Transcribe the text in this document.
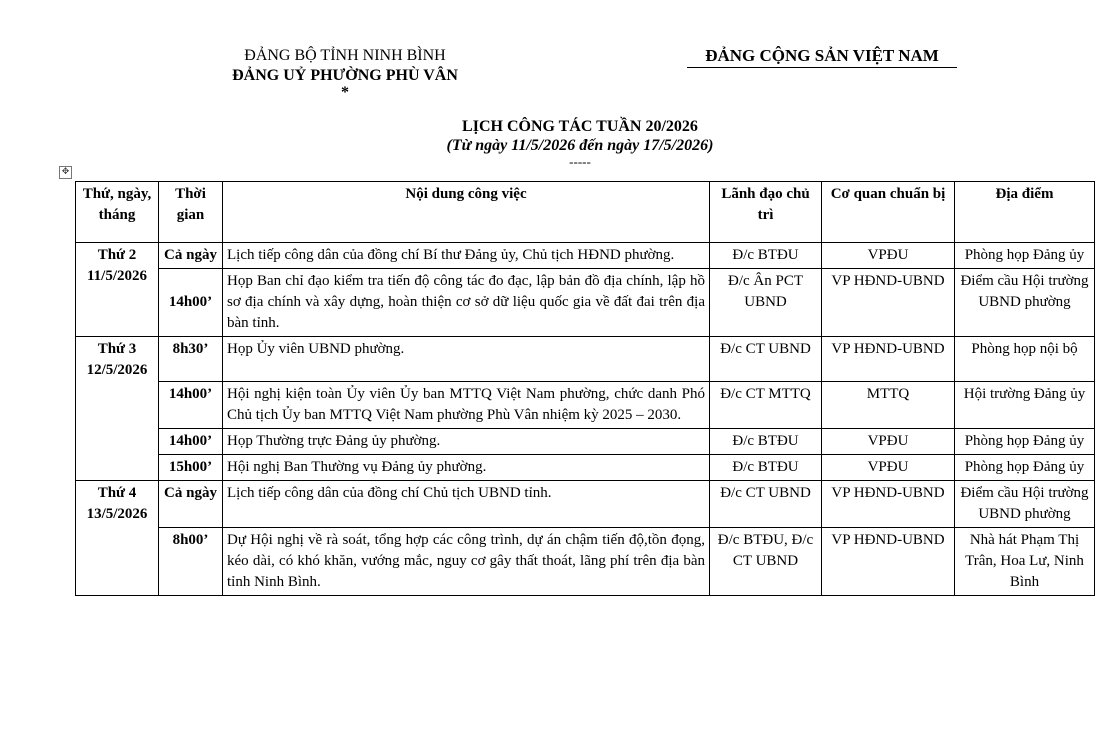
ĐẢNG BỘ TỈNH NINH BÌNH
ĐẢNG UỶ PHƯỜNG PHÙ VÂN
*
ĐẢNG CỘNG SẢN VIỆT NAM
LỊCH CÔNG TÁC TUẦN 20/2026
(Từ ngày 11/5/2026 đến ngày 17/5/2026)
-----
✥
Thứ, ngày, tháng	Thời gian	Nội dung công việc	Lãnh đạo chủ trì	Cơ quan chuẩn bị	Địa điểm
Thứ 2 11/5/2026	Cả ngày	Lịch tiếp công dân của đồng chí Bí thư Đảng ủy, Chủ tịch HĐND phường.	Đ/c BTĐU	VPĐU	Phòng họp Đảng ủy
	14h00’	Họp Ban chỉ đạo kiểm tra tiến độ công tác đo đạc, lập bản đồ địa chính, lập hồ sơ địa chính và xây dựng, hoàn thiện cơ sở dữ liệu quốc gia về đất đai trên địa bàn tỉnh.	Đ/c Ân PCT UBND	VP HĐND-UBND	Điểm cầu Hội trường UBND phường
Thứ 3 12/5/2026	8h30’	Họp Ủy viên UBND phường.	Đ/c CT UBND	VP HĐND-UBND	Phòng họp nội bộ
	14h00’	Hội nghị kiện toàn Ủy viên Ủy ban MTTQ Việt Nam phường, chức danh Phó Chủ tịch Ủy ban MTTQ Việt Nam phường Phù Vân nhiệm kỳ 2025 – 2030.	Đ/c CT MTTQ	MTTQ	Hội trường Đảng ủy
	14h00’	Họp Thường trực Đảng ủy phường.	Đ/c BTĐU	VPĐU	Phòng họp Đảng ủy
	15h00’	Hội nghị Ban Thường vụ Đảng ủy phường.	Đ/c BTĐU	VPĐU	Phòng họp Đảng ủy
Thứ 4 13/5/2026	Cả ngày	Lịch tiếp công dân của đồng chí Chủ tịch UBND tỉnh.	Đ/c CT UBND	VP HĐND-UBND	Điểm cầu Hội trường UBND phường
	8h00’	Dự Hội nghị về rà soát, tổng hợp các công trình, dự án chậm tiến độ,tồn đọng, kéo dài, có khó khăn, vướng mắc, nguy cơ gây thất thoát, lãng phí trên địa bàn tỉnh Ninh Bình.	Đ/c BTĐU, Đ/c CT UBND	VP HĐND-UBND	Nhà hát Phạm Thị Trân, Hoa Lư, Ninh Bình
